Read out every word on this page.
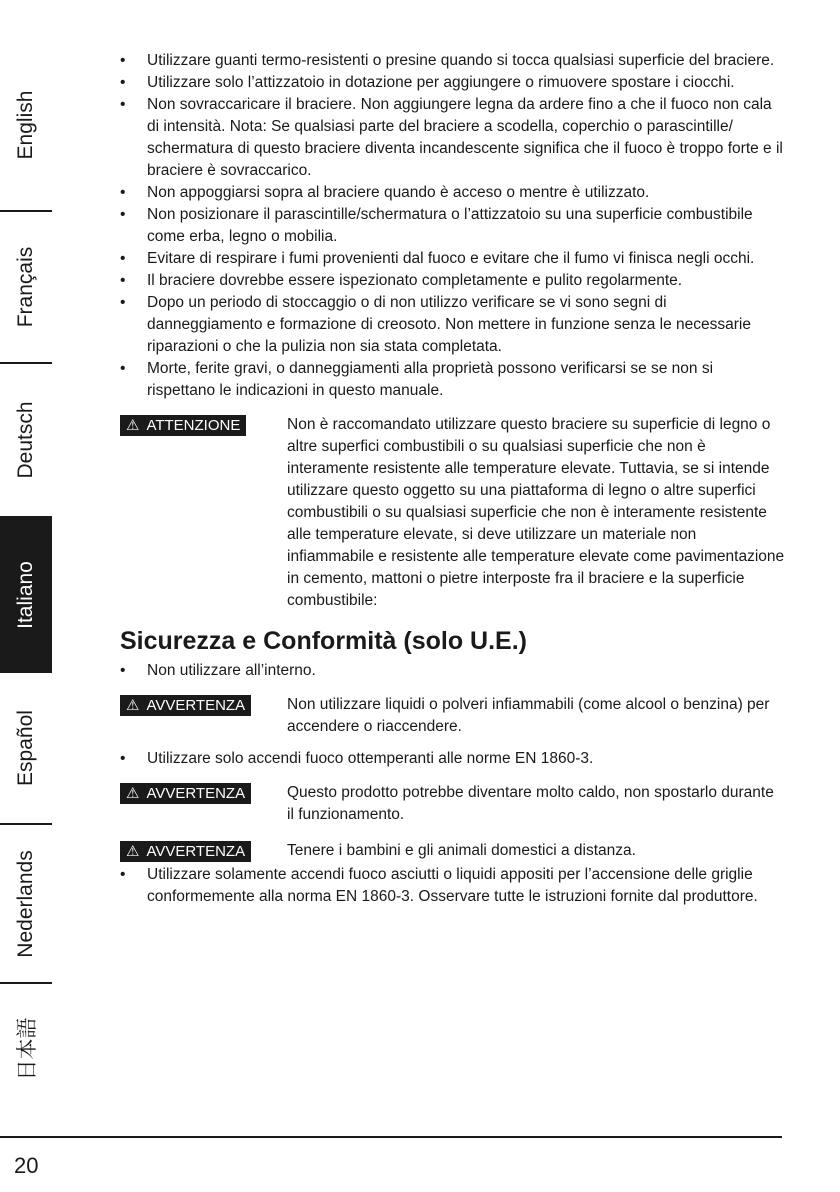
English
Français
Deutsch
Italiano
Español
Nederlands
日本語
• Utilizzare guanti termo-resistenti o presine quando si tocca qualsiasi superficie del braciere.
• Utilizzare solo l’attizzatoio in dotazione per aggiungere o rimuovere spostare i ciocchi.
• Non sovraccaricare il braciere. Non aggiungere legna da ardere fino a che il fuoco non cala di intensità. Nota: Se qualsiasi parte del braciere a scodella, coperchio o parascintille/ schermatura di questo braciere diventa incandescente significa che il fuoco è troppo forte e il braciere è sovraccarico.
• Non appoggiarsi sopra al braciere quando è acceso o mentre è utilizzato.
• Non posizionare il parascintille/schermatura o l’attizzatoio su una superficie combustibile come erba, legno o mobilia.
• Evitare di respirare i fumi provenienti dal fuoco e evitare che il fumo vi finisca negli occhi.
• Il braciere dovrebbe essere ispezionato completamente e pulito regolarmente.
• Dopo un periodo di stoccaggio o di non utilizzo verificare se vi sono segni di danneggiamento e formazione di creosoto. Non mettere in funzione senza le necessarie riparazioni o che la pulizia non sia stata completata.
• Morte, ferite gravi, o danneggiamenti alla proprietà possono verificarsi se se non si rispettano le indicazioni in questo manuale.
⚠ ATTENZIONE	Non è raccomandato utilizzare questo braciere su superficie di legno o altre superfici combustibili o su qualsiasi superficie che non è interamente resistente alle temperature elevate. Tuttavia, se si intende utilizzare questo oggetto su una piattaforma di legno o altre superfici combustibili o su qualsiasi superficie che non è interamente resistente alle temperature elevate, si deve utilizzare un materiale non infiammabile e resistente alle temperature elevate come pavimentazione in cemento, mattoni o pietre interposte fra il braciere e la superficie combustibile:
Sicurezza e Conformità (solo U.E.)
• Non utilizzare all’interno.
⚠ AVVERTENZA	Non utilizzare liquidi o polveri infiammabili (come alcool o benzina) per accendere o riaccendere.
• Utilizzare solo accendi fuoco ottemperanti alle norme EN 1860-3.
⚠ AVVERTENZA	Questo prodotto potrebbe diventare molto caldo, non spostarlo durante il funzionamento.
⚠ AVVERTENZA	Tenere i bambini e gli animali domestici a distanza.
• Utilizzare solamente accendi fuoco asciutti o liquidi appositi per l’accensione delle griglie conformemente alla norma EN 1860-3. Osservare tutte le istruzioni fornite dal produttore.
20
